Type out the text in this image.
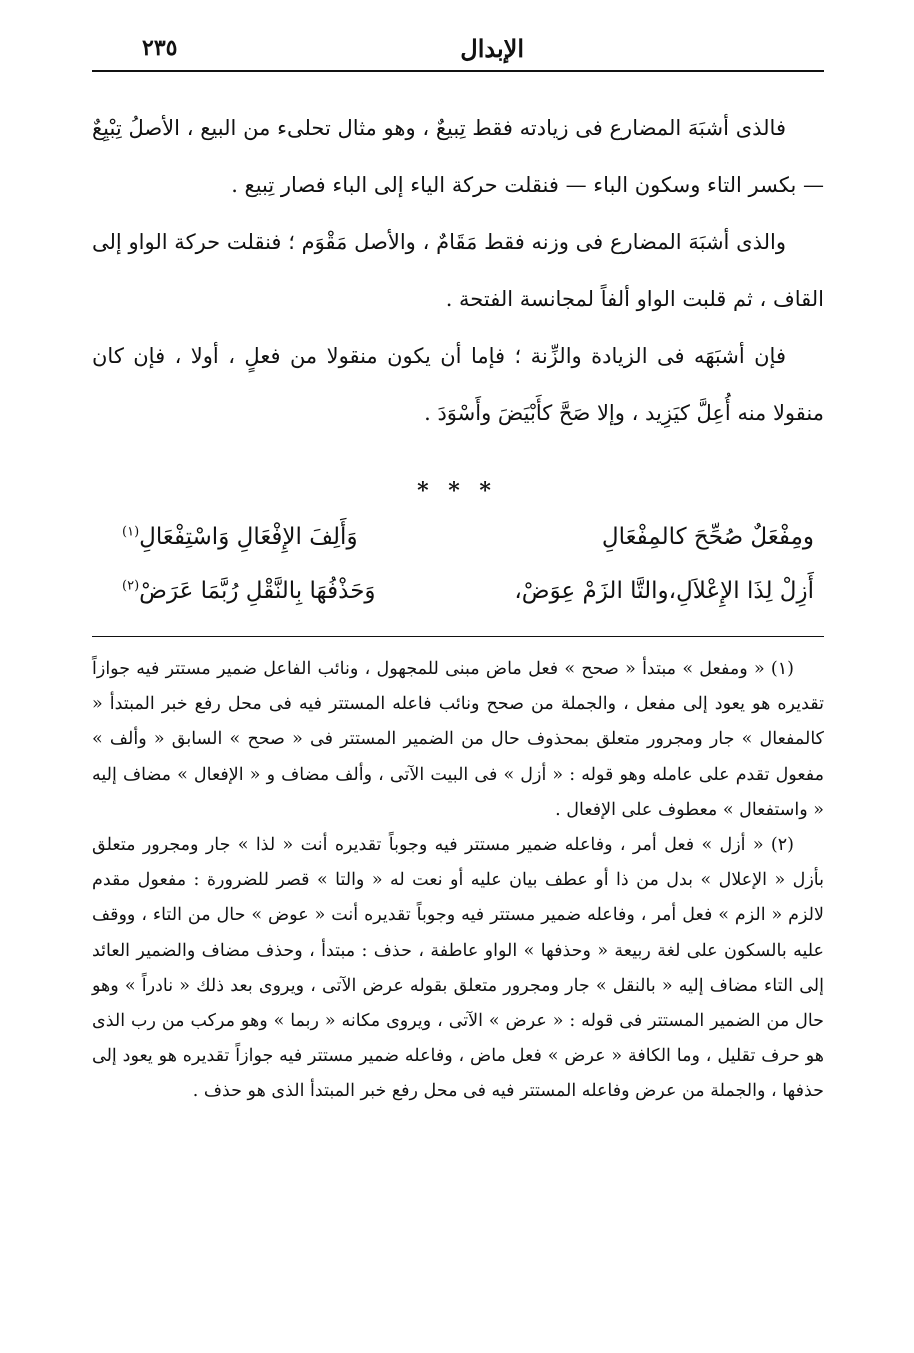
الإبدال
٢٣٥

فالذى أشبَهَ المضارع فى زيادته فقط تِبيعٌ ، وهو مثال تحلىء من البيع ، الأصلُ تِبْيِعٌ — بكسر التاء وسكون الباء — فنقلت حركة الياء إلى الباء فصار تِبيع .

والذى أشبَهَ المضارع فى وزنه فقط مَقَامٌ ، والأصل مَقْوَم ؛ فنقلت حركة الواو إلى القاف ، ثم قلبت الواو ألفاً لمجانسة الفتحة .

فإن أشبَهَه فى الزيادة والزِّنة ؛ فإما أن يكون منقولا من فعلٍ ، أولا ، فإن كان منقولا منه أُعِلَّ كيَزِيد ، وإلا صَحَّ كأَبْيَضَ وأَسْوَدَ .

* * *
ومِفْعَلٌ صُحِّحَ كالمِفْعَالِ
وَأَلِفَ الإِفْعَالِ وَاسْتِفْعَالِ$^{(١)}$
أَزِلْ لِذَا الإِعْلاَلِ،والتَّا الزَمْ عِوَضْ،
وَحَذْفُهَا بِالنَّقْلِ رُبَّمَا عَرَضْ$^{(٢)}$

(١) « ومفعل » مبتدأ « صحح » فعل ماض مبنى للمجهول ، ونائب الفاعل ضمير مستتر فيه جوازاً تقديره هو يعود إلى مفعل ، والجملة من صحح ونائب فاعله المستتر فيه فى محل رفع خبر المبتدأ « كالمفعال » جار ومجرور متعلق بمحذوف حال من الضمير المستتر فى « صحح » السابق « وألف » مفعول تقدم على عامله وهو قوله : « أزل » فى البيت الآتى ، وألف مضاف و « الإفعال » مضاف إليه « واستفعال » معطوف على الإفعال .

(٢) « أزل » فعل أمر ، وفاعله ضمير مستتر فيه وجوباً تقديره أنت « لذا » جار ومجرور متعلق بأزل « الإعلال » بدل من ذا أو عطف بيان عليه أو نعت له « والتا » قصر للضرورة : مفعول مقدم لالزم « الزم » فعل أمر ، وفاعله ضمير مستتر فيه وجوباً تقديره أنت « عوض » حال من التاء ، ووقف عليه بالسكون على لغة ربيعة « وحذفها » الواو عاطفة ، حذف : مبتدأ ، وحذف مضاف والضمير العائد إلى التاء مضاف إليه « بالنقل » جار ومجرور متعلق بقوله عرض الآتى ، ويروى بعد ذلك « نادراً » وهو حال من الضمير المستتر فى قوله : « عرض » الآتى ، ويروى مكانه « ربما » وهو مركب من رب الذى هو حرف تقليل ، وما الكافة « عرض » فعل ماض ، وفاعله ضمير مستتر فيه جوازاً تقديره هو يعود إلى حذفها ، والجملة من عرض وفاعله المستتر فيه فى محل رفع خبر المبتدأ الذى هو حذف .
